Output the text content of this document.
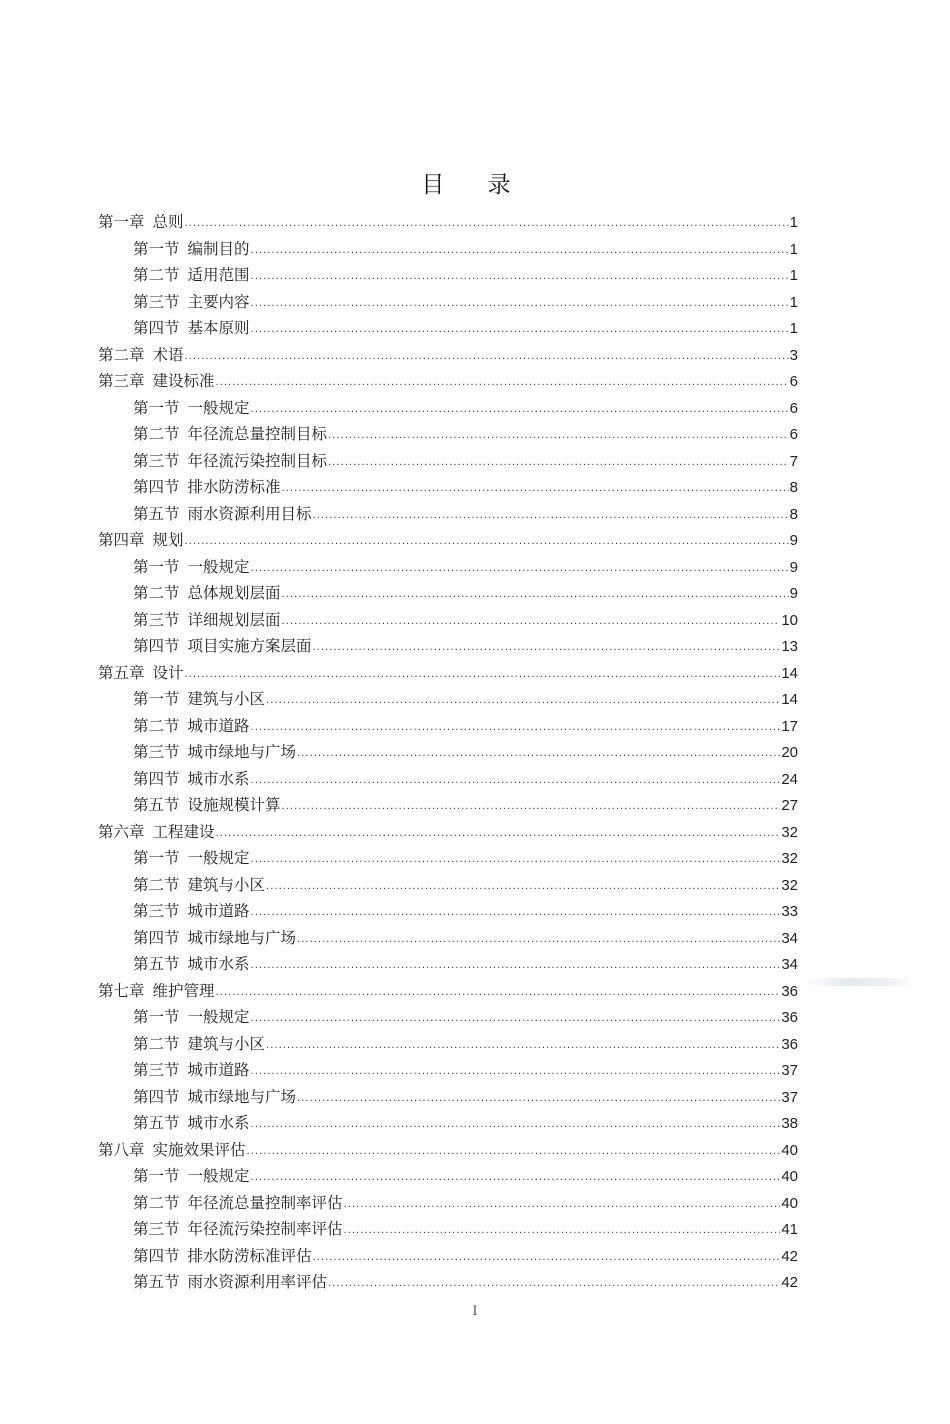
目 录
第一章 总则 .....	1
第一节 编制目的 .....	1
第二节 适用范围 .....	1
第三节 主要内容 .....	1
第四节 基本原则 .....	1
第二章 术语 .....	3
第三章 建设标准 .....	6
第一节 一般规定 .....	6
第二节 年径流总量控制目标 .....	6
第三节 年径流污染控制目标 .....	7
第四节 排水防涝标准 .....	8
第五节 雨水资源利用目标 .....	8
第四章 规划 .....	9
第一节 一般规定 .....	9
第二节 总体规划层面 .....	9
第三节 详细规划层面 .....	10
第四节 项目实施方案层面 .....	13
第五章 设计 .....	14
第一节 建筑与小区 .....	14
第二节 城市道路 .....	17
第三节 城市绿地与广场 .....	20
第四节 城市水系 .....	24
第五节 设施规模计算 .....	27
第六章 工程建设 .....	32
第一节 一般规定 .....	32
第二节 建筑与小区 .....	32
第三节 城市道路 .....	33
第四节 城市绿地与广场 .....	34
第五节 城市水系 .....	34
第七章 维护管理 .....	36
第一节 一般规定 .....	36
第二节 建筑与小区 .....	36
第三节 城市道路 .....	37
第四节 城市绿地与广场 .....	37
第五节 城市水系 .....	38
第八章 实施效果评估 .....	40
第一节 一般规定 .....	40
第二节 年径流总量控制率评估 .....	40
第三节 年径流污染控制率评估 .....	41
第四节 排水防涝标准评估 .....	42
第五节 雨水资源利用率评估 .....	42
I
